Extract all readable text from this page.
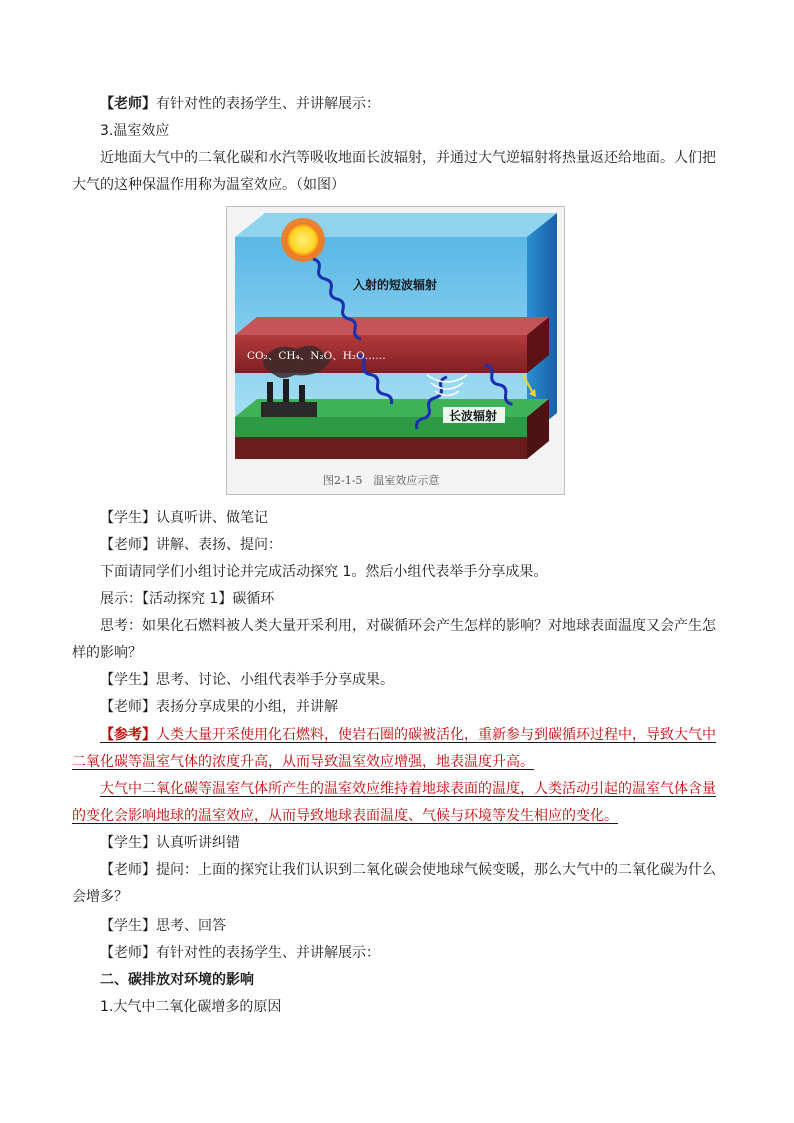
【老师】有针对性的表扬学生、并讲解展示：
3.温室效应
近地面大气中的二氧化碳和水汽等吸收地面长波辐射，并通过大气逆辐射将热量返还给地面。人们把
大气的这种保温作用称为温室效应。（如图）
入射的短波辐射
CO₂、CH₄、N₂O、H₂O……
长波辐射
图2-1-5　温室效应示意
【学生】认真听讲、做笔记
【老师】讲解、表扬、提问：
下面请同学们小组讨论并完成活动探究 1。然后小组代表举手分享成果。
展示：【活动探究 1】碳循环
思考：如果化石燃料被人类大量开采利用，对碳循环会产生怎样的影响？对地球表面温度又会产生怎
样的影响？
【学生】思考、讨论、小组代表举手分享成果。
【老师】表扬分享成果的小组，并讲解
【参考】人类大量开采使用化石燃料，使岩石圈的碳被活化，重新参与到碳循环过程中，导致大气中
二氧化碳等温室气体的浓度升高，从而导致温室效应增强，地表温度升高。
大气中二氧化碳等温室气体所产生的温室效应维持着地球表面的温度，人类活动引起的温室气体含量
的变化会影响地球的温室效应，从而导致地球表面温度、气候与环境等发生相应的变化。
【学生】认真听讲纠错
【老师】提问：上面的探究让我们认识到二氧化碳会使地球气候变暖，那么大气中的二氧化碳为什么
会增多？
【学生】思考、回答
【老师】有针对性的表扬学生、并讲解展示：
二、碳排放对环境的影响
1.大气中二氧化碳增多的原因
